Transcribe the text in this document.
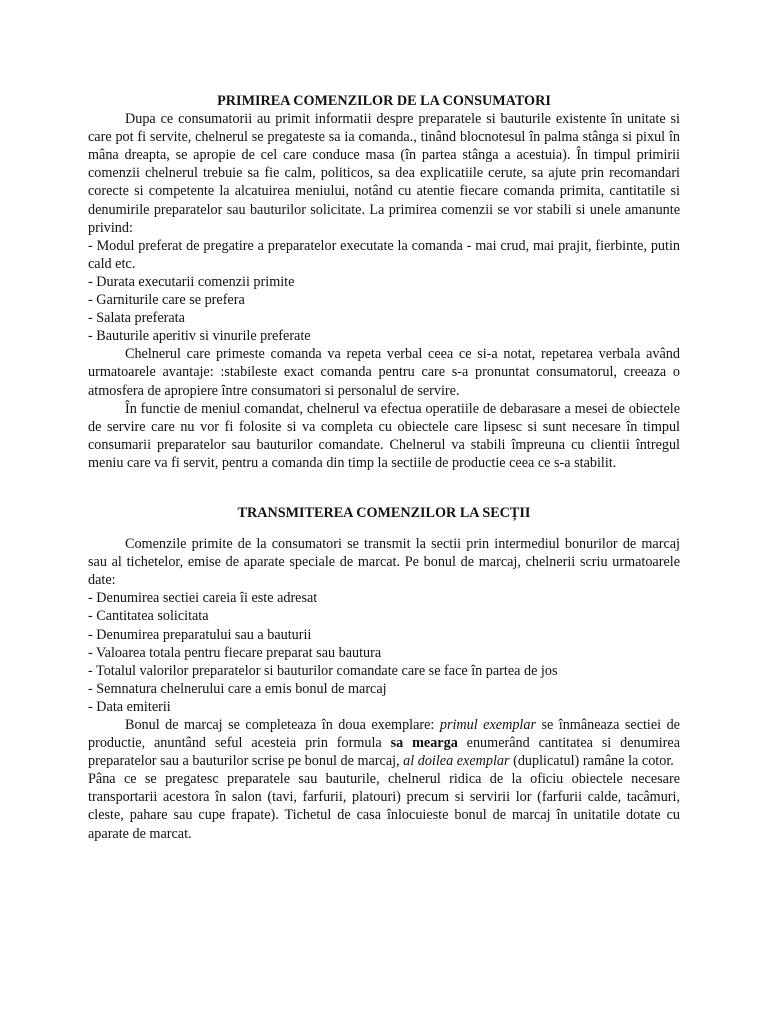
PRIMIREA COMENZILOR DE LA CONSUMATORI

Dupa ce consumatorii au primit informatii despre preparatele si bauturile existente în unitate si care pot fi servite, chelnerul se pregateste sa ia comanda., tinând blocnotesul în palma stânga si pixul în mâna dreapta, se apropie de cel care conduce masa (în partea stânga a acestuia). În timpul primirii comenzii chelnerul trebuie sa fie calm, politicos, sa dea explicatiile cerute, sa ajute prin recomandari corecte si competente la alcatuirea meniului, notând cu atentie fiecare comanda primita, cantitatile si denumirile preparatelor sau bauturilor solicitate. La primirea comenzii se vor stabili si unele amanunte privind:

- Modul preferat de pregatire a preparatelor executate la comanda - mai crud, mai prajit, fierbinte, putin cald etc.

- Durata executarii comenzii primite

- Garniturile care se prefera

- Salata preferata

- Bauturile aperitiv si vinurile preferate

Chelnerul care primeste comanda va repeta verbal ceea ce si-a notat, repetarea verbala având urmatoarele avantaje: :stabileste exact comanda pentru care s-a pronuntat consumatorul, creeaza o atmosfera de apropiere între consumatori si personalul de servire.

În functie de meniul comandat, chelnerul va efectua operatiile de debarasare a mesei de obiectele de servire care nu vor fi folosite si va completa cu obiectele care lipsesc si sunt necesare în timpul consumarii preparatelor sau bauturilor comandate. Chelnerul va stabili împreuna cu clientii întregul meniu care va fi servit, pentru a comanda din timp la sectiile de productie ceea ce s-a stabilit.

TRANSMITEREA COMENZILOR LA SECȚII

Comenzile primite de la consumatori se transmit la sectii prin intermediul bonurilor de marcaj sau al tichetelor, emise de aparate speciale de marcat. Pe bonul de marcaj, chelnerii scriu urmatoarele date:

- Denumirea sectiei careia îi este adresat

- Cantitatea solicitata

- Denumirea preparatului sau a bauturii

- Valoarea totala pentru fiecare preparat sau bautura

- Totalul valorilor preparatelor si bauturilor comandate care se face în partea de jos

- Semnatura chelnerului care a emis bonul de marcaj

- Data emiterii

Bonul de marcaj se completeaza în doua exemplare: primul exemplar se înmâneaza sectiei de productie, anuntând seful acesteia prin formula sa mearga enumerând cantitatea si denumirea preparatelor sau a bauturilor scrise pe bonul de marcaj, al doilea exemplar (duplicatul) ramâne la cotor.

Pâna ce se pregatesc preparatele sau bauturile, chelnerul ridica de la oficiu obiectele necesare transportarii acestora în salon (tavi, farfurii, platouri) precum si servirii lor (farfurii calde, tacâmuri, cleste, pahare sau cupe frapate). Tichetul de casa înlocuieste bonul de marcaj în unitatile dotate cu aparate de marcat.
